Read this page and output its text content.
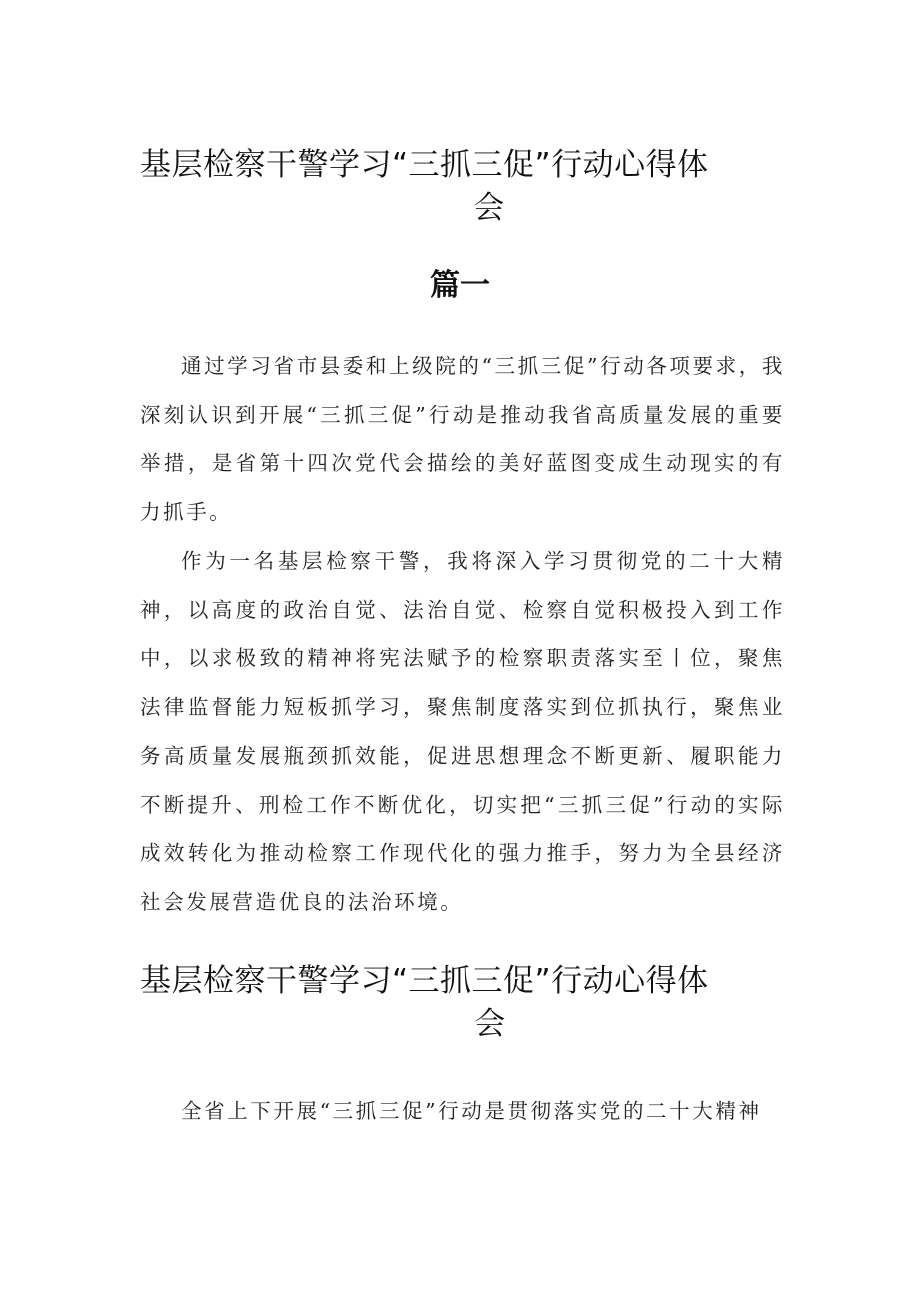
基层检察干警学习“三抓三促”行动心得体
会
篇一

通过学习省市县委和上级院的“三抓三促”行动各项要求，我深刻认识到开展“三抓三促”行动是推动我省高质量发展的重要举措，是省第十四次党代会描绘的美好蓝图变成生动现实的有力抓手。

作为一名基层检察干警，我将深入学习贯彻党的二十大精神，以高度的政治自觉、法治自觉、检察自觉积极投入到工作中，以求极致的精神将宪法赋予的检察职责落实至丨位，聚焦法律监督能力短板抓学习，聚焦制度落实到位抓执行，聚焦业务高质量发展瓶颈抓效能，促进思想理念不断更新、履职能力不断提升、刑检工作不断优化，切实把“三抓三促”行动的实际成效转化为推动检察工作现代化的强力推手，努力为全县经济社会发展营造优良的法治环境。

基层检察干警学习“三抓三促”行动心得体
会

全省上下开展“三抓三促”行动是贯彻落实党的二十大精神
